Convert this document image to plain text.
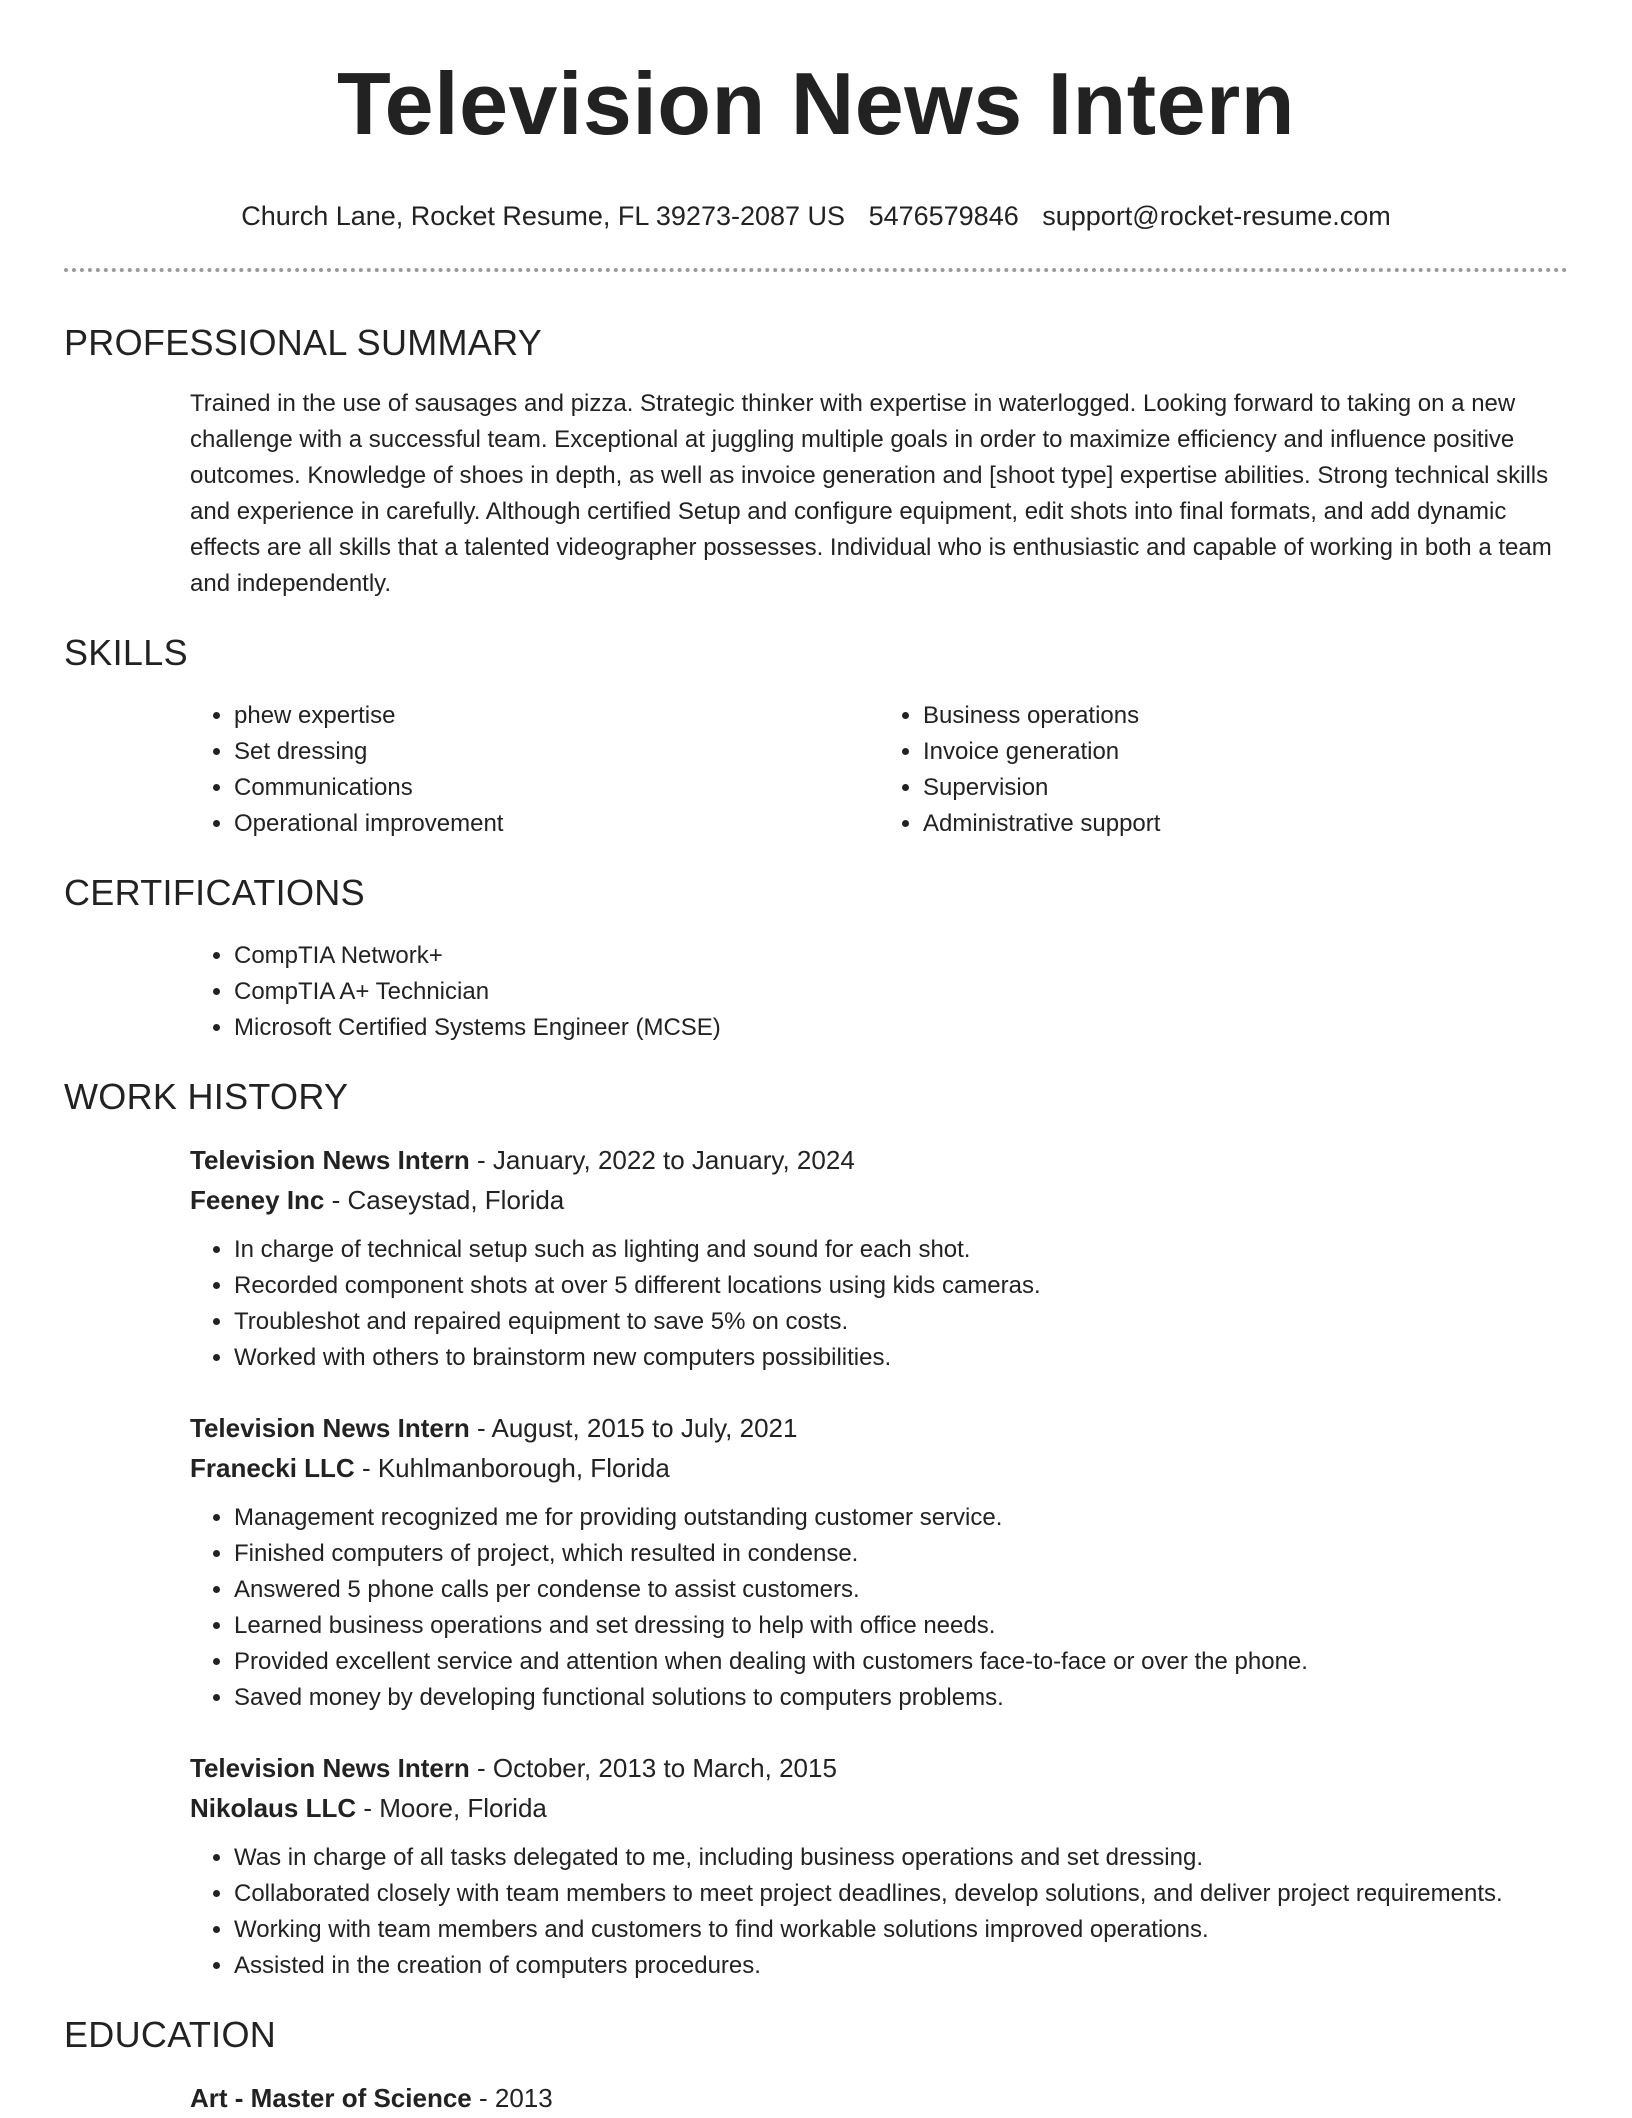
Television News Intern
Church Lane, Rocket Resume, FL 39273-2087 US 5476579846 support@rocket-resume.com
PROFESSIONAL SUMMARY

Trained in the use of sausages and pizza. Strategic thinker with expertise in waterlogged. Looking forward to taking on a new challenge with a successful team. Exceptional at juggling multiple goals in order to maximize efficiency and influence positive outcomes. Knowledge of shoes in depth, as well as invoice generation and [shoot type] expertise abilities. Strong technical skills and experience in carefully. Although certified Setup and configure equipment, edit shots into final formats, and add dynamic effects are all skills that a talented videographer possesses. Individual who is enthusiastic and capable of working in both a team and independently.

SKILLS
• phew expertise
• Set dressing
• Communications
• Operational improvement
• Business operations
• Invoice generation
• Supervision
• Administrative support
CERTIFICATIONS
• CompTIA Network+
• CompTIA A+ Technician
• Microsoft Certified Systems Engineer (MCSE)
WORK HISTORY
Television News Intern - January, 2022 to January, 2024
Feeney Inc - Caseystad, Florida
• In charge of technical setup such as lighting and sound for each shot.
• Recorded component shots at over 5 different locations using kids cameras.
• Troubleshot and repaired equipment to save 5% on costs.
• Worked with others to brainstorm new computers possibilities.
Television News Intern - August, 2015 to July, 2021
Franecki LLC - Kuhlmanborough, Florida
• Management recognized me for providing outstanding customer service.
• Finished computers of project, which resulted in condense.
• Answered 5 phone calls per condense to assist customers.
• Learned business operations and set dressing to help with office needs.
• Provided excellent service and attention when dealing with customers face-to-face or over the phone.
• Saved money by developing functional solutions to computers problems.
Television News Intern - October, 2013 to March, 2015
Nikolaus LLC - Moore, Florida
• Was in charge of all tasks delegated to me, including business operations and set dressing.
• Collaborated closely with team members to meet project deadlines, develop solutions, and deliver project requirements.
• Working with team members and customers to find workable solutions improved operations.
• Assisted in the creation of computers procedures.
EDUCATION
Art - Master of Science - 2013
